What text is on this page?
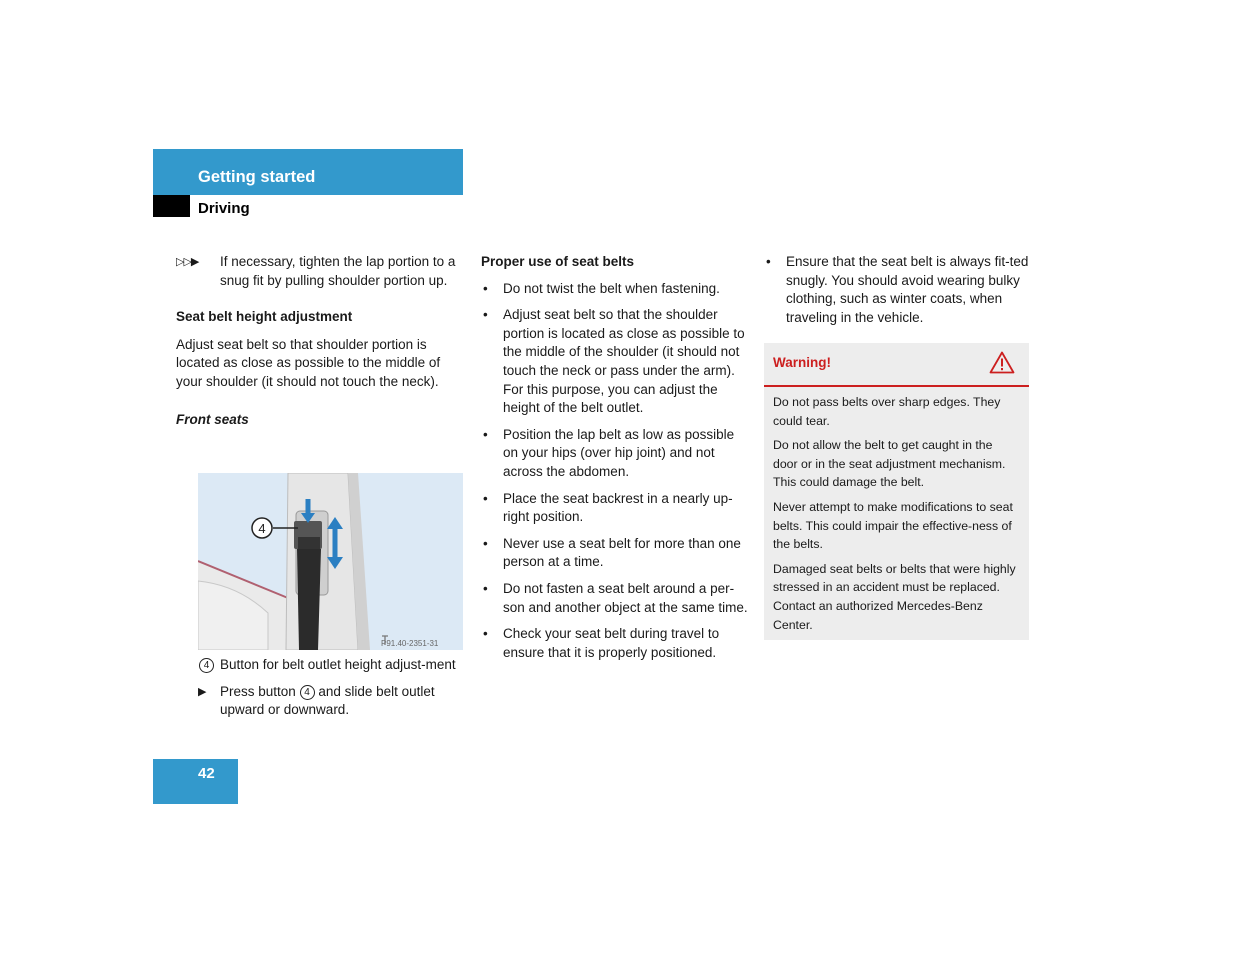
Getting started
Driving
▷▷▶ If necessary, tighten the lap portion to a snug fit by pulling shoulder portion up.

Seat belt height adjustment

Adjust seat belt so that shoulder portion is located as close as possible to the middle of your shoulder (it should not touch the neck).

Front seats

4
P91.40-2351-31
4 Button for belt outlet height adjust-ment

▶ Press button 4 and slide belt outlet upward or downward.

Proper use of seat belts

• Do not twist the belt when fastening.
• Adjust seat belt so that the shoulder portion is located as close as possible to the middle of the shoulder (it should not touch the neck or pass under the arm). For this purpose, you can adjust the height of the belt outlet.
• Position the lap belt as low as possible on your hips (over hip joint) and not across the abdomen.
• Place the seat backrest in a nearly up-right position.
• Never use a seat belt for more than one person at a time.
• Do not fasten a seat belt around a per-son and another object at the same time.
• Check your seat belt during travel to ensure that it is properly positioned.
• Ensure that the seat belt is always fit-ted snugly. You should avoid wearing bulky clothing, such as winter coats, when traveling in the vehicle.
Warning!

Do not pass belts over sharp edges. They could tear.

Do not allow the belt to get caught in the door or in the seat adjustment mechanism. This could damage the belt.

Never attempt to make modifications to seat belts. This could impair the effective-ness of the belts.

Damaged seat belts or belts that were highly stressed in an accident must be replaced. Contact an authorized Mercedes-Benz Center.

42
